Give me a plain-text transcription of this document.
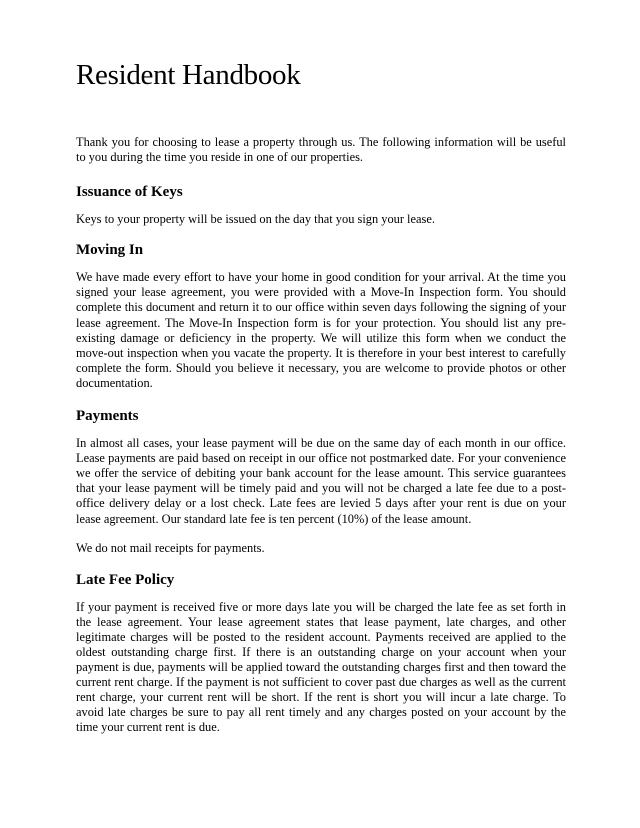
Resident Handbook

Thank you for choosing to lease a property through us. The following information will be useful to you during the time you reside in one of our properties.

Issuance of Keys

Keys to your property will be issued on the day that you sign your lease.

Moving In

We have made every effort to have your home in good condition for your arrival. At the time you signed your lease agreement, you were provided with a Move-In Inspection form. You should complete this document and return it to our office within seven days following the signing of your lease agreement. The Move-In Inspection form is for your protection. You should list any pre-existing damage or deficiency in the property. We will utilize this form when we conduct the move-out inspection when you vacate the property. It is therefore in your best interest to carefully complete the form. Should you believe it necessary, you are welcome to provide photos or other documentation.

Payments

In almost all cases, your lease payment will be due on the same day of each month in our office. Lease payments are paid based on receipt in our office not postmarked date. For your convenience we offer the service of debiting your bank account for the lease amount. This service guarantees that your lease payment will be timely paid and you will not be charged a late fee due to a post-office delivery delay or a lost check. Late fees are levied 5 days after your rent is due on your lease agreement. Our standard late fee is ten percent (10%) of the lease amount.

We do not mail receipts for payments.

Late Fee Policy

If your payment is received five or more days late you will be charged the late fee as set forth in the lease agreement. Your lease agreement states that lease payment, late charges, and other legitimate charges will be posted to the resident account. Payments received are applied to the oldest outstanding charge first. If there is an outstanding charge on your account when your payment is due, payments will be applied toward the outstanding charges first and then toward the current rent charge. If the payment is not sufficient to cover past due charges as well as the current rent charge, your current rent will be short. If the rent is short you will incur a late charge. To avoid late charges be sure to pay all rent timely and any charges posted on your account by the time your current rent is due.
